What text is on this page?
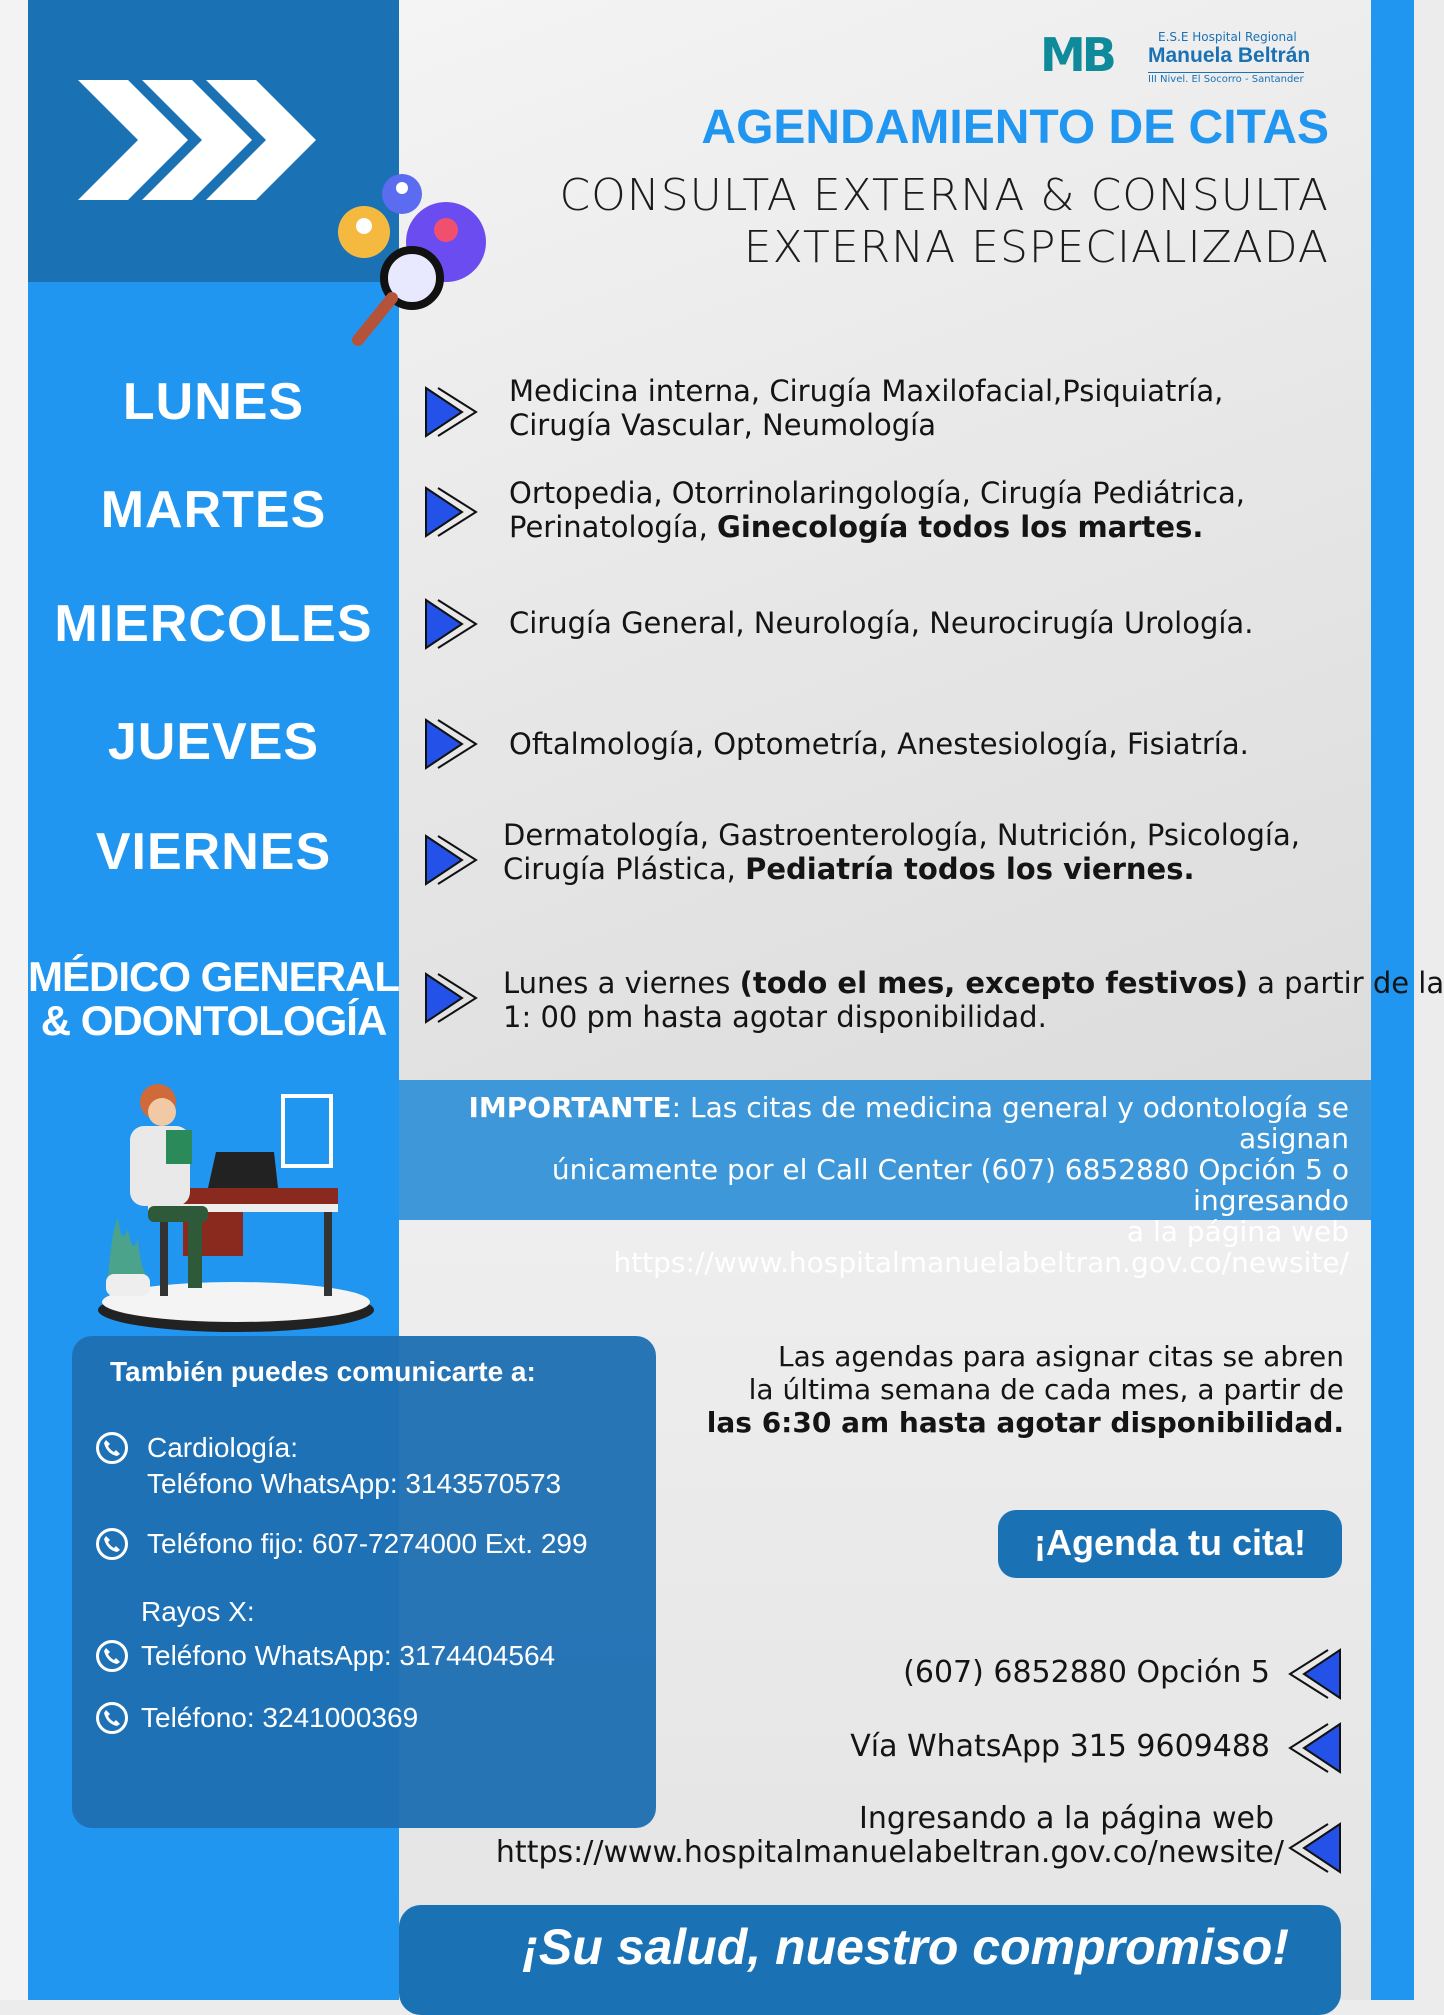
MB	E.S.E Hospital Regional
Manuela Beltrán
III Nivel. El Socorro - Santander
AGENDAMIENTO DE CITAS
CONSULTA EXTERNA & CONSULTA
EXTERNA ESPECIALIZADA
LUNES
MARTES
MIERCOLES
JUEVES
VIERNES
MÉDICO GENERAL
& ODONTOLOGÍA
Medicina interna, Cirugía Maxilofacial,Psiquiatría,
Cirugía Vascular, Neumología
Ortopedia, Otorrinolaringología, Cirugía Pediátrica,
Perinatología, Ginecología todos los martes.
Cirugía General, Neurología, Neurocirugía Urología.
Oftalmología, Optometría, Anestesiología, Fisiatría.
Dermatología, Gastroenterología, Nutrición, Psicología,
Cirugía Plástica, Pediatría todos los viernes.
Lunes a viernes (todo el mes, excepto festivos) a partir de la
1: 00 pm hasta agotar disponibilidad.
IMPORTANTE: Las citas de medicina general y odontología se asignan
únicamente por el Call Center (607) 6852880 Opción 5 o ingresando
a la página web https://www.hospitalmanuelabeltran.gov.co/newsite/
También puedes comunicarte a:
Cardiología:
Teléfono WhatsApp: 3143570573
Teléfono fijo: 607-7274000 Ext. 299
Rayos X:
Teléfono WhatsApp: 3174404564
Teléfono: 3241000369
Las agendas para asignar citas se abren
la última semana de cada mes, a partir de
las 6:30 am hasta agotar disponibilidad.
¡Agenda tu cita!
(607) 6852880 Opción 5
Vía WhatsApp 315 9609488
Ingresando a la página web
https://www.hospitalmanuelabeltran.gov.co/newsite/
¡Su salud, nuestro compromiso!
